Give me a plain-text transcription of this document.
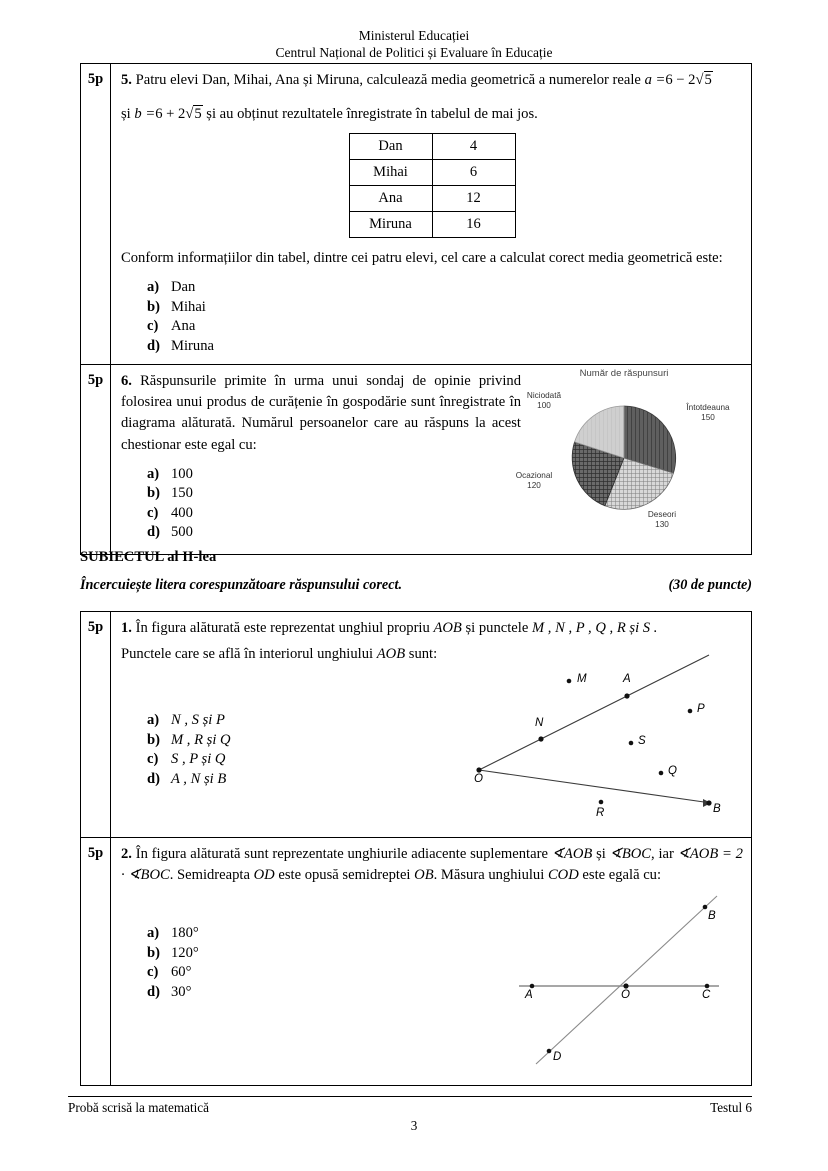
Ministerul Educației
Centrul Național de Politici și Evaluare în Educație
5p	5. Patru elevi Dan, Mihai, Ana și Miruna, calculează media geometrică a numerelor reale a =6 − 2√5
și b =6 + 2√5 și au obținut rezultatele înregistrate în tabelul de mai jos.
Dan	4
Mihai	6
Ana	12
Miruna	16
Conform informațiilor din tabel, dintre cei patru elevi, cel care a calculat corect media geometrică este:
a) Dan
b) Mihai
c) Ana
d) Miruna
5p	6. Răspunsurile primite în urma unui sondaj de opinie privind folosirea unui produs de curățenie în gospodărie sunt înregistrate în diagrama alăturată. Numărul persoanelor care au răspuns la acest chestionar este egal cu:
a) 100
b) 150
c) 400
d) 500
Număr de răspunsuri
Niciodată
100	Întotdeauna
150
Ocazional
120
Deseori
130
SUBIECTUL al II-lea
Încercuiește litera corespunzătoare răspunsului corect.	(30 de puncte)
5p	1. În figura alăturată este reprezentat unghiul propriu AOB și punctele M , N , P , Q , R și S .
Punctele care se află în interiorul unghiului AOB sunt:
a) N , S și P
b) M , R și Q
c) S , P și Q
d) A , N și B	O
A
B
M
N
P
Q
R
S
5p	2. În figura alăturată sunt reprezentate unghiurile adiacente suplementare ∢AOB și ∢BOC, iar ∢AOB = 2 · ∢BOC. Semidreapta OD este opusă semidreptei OB. Măsura unghiului COD este egală cu:
a) 180°
b) 120°
c) 60°
d) 30°	A
B
C
D
O
Probă scrisă la matematică	Testul 6
3
